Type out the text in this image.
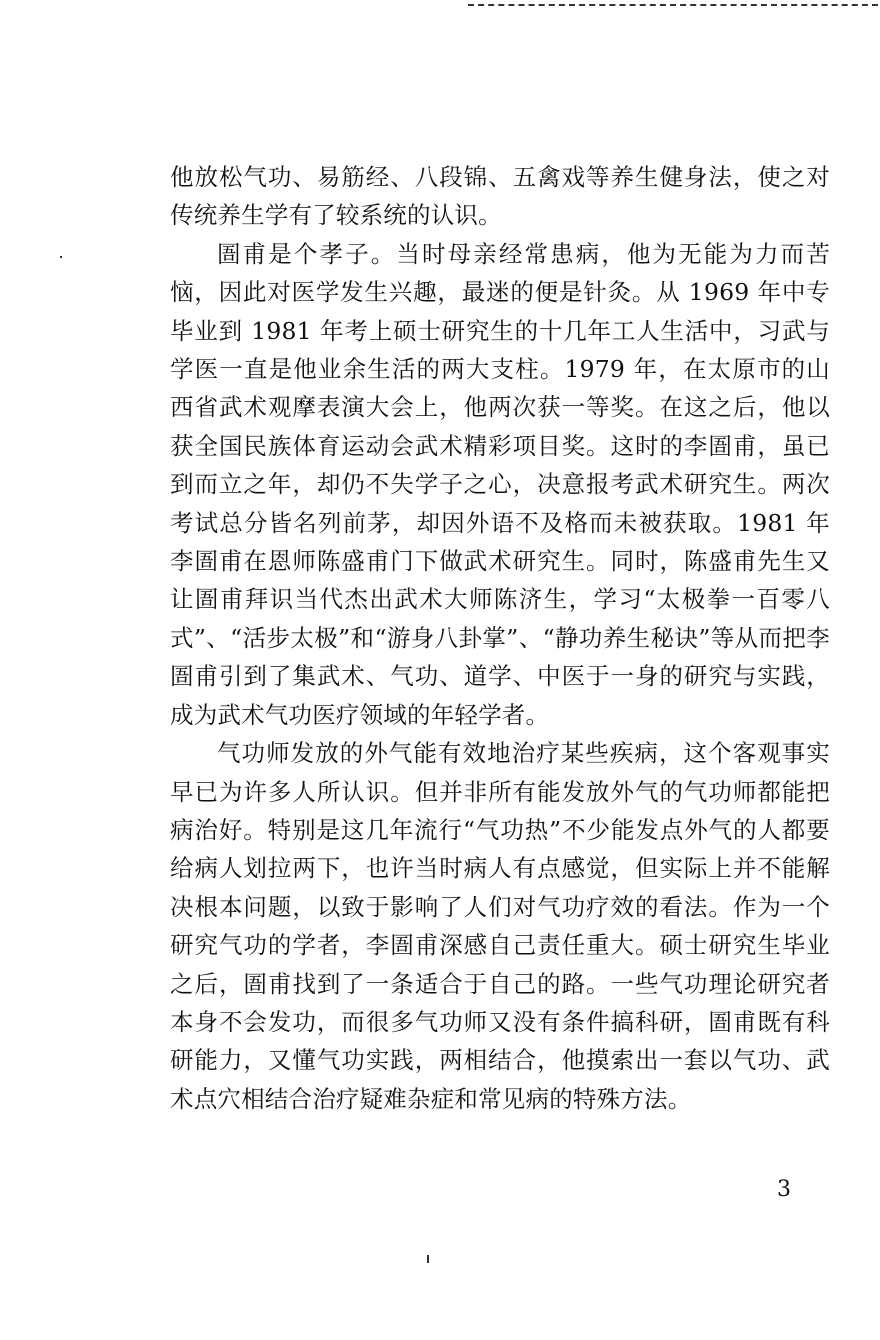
他放松气功、易筋经、八段锦、五禽戏等养生健身法，使之对传统养生学有了较系统的认识。

圄甫是个孝子。当时母亲经常患病，他为无能为力而苦恼，因此对医学发生兴趣，最迷的便是针灸。从 1969 年中专毕业到 1981 年考上硕士研究生的十几年工人生活中，习武与学医一直是他业余生活的两大支柱。1979 年，在太原市的山西省武术观摩表演大会上，他两次获一等奖。在这之后，他以获全国民族体育运动会武术精彩项目奖。这时的李圄甫，虽已到而立之年，却仍不失学子之心，决意报考武术研究生。两次考试总分皆名列前茅，却因外语不及格而未被获取。1981 年李圄甫在恩师陈盛甫门下做武术研究生。同时，陈盛甫先生又让圄甫拜识当代杰出武术大师陈济生，学习“太极拳一百零八式”、“活步太极”和“游身八卦掌”、“静功养生秘诀”等从而把李圄甫引到了集武术、气功、道学、中医于一身的研究与实践，成为武术气功医疗领域的年轻学者。

气功师发放的外气能有效地治疗某些疾病，这个客观事实早已为许多人所认识。但并非所有能发放外气的气功师都能把病治好。特别是这几年流行“气功热”不少能发点外气的人都要给病人划拉两下，也许当时病人有点感觉，但实际上并不能解决根本问题，以致于影响了人们对气功疗效的看法。作为一个研究气功的学者，李圄甫深感自己责任重大。硕士研究生毕业之后，圄甫找到了一条适合于自己的路。一些气功理论研究者本身不会发功，而很多气功师又没有条件搞科研，圄甫既有科研能力，又懂气功实践，两相结合，他摸索出一套以气功、武术点穴相结合治疗疑难杂症和常见病的特殊方法。

3
